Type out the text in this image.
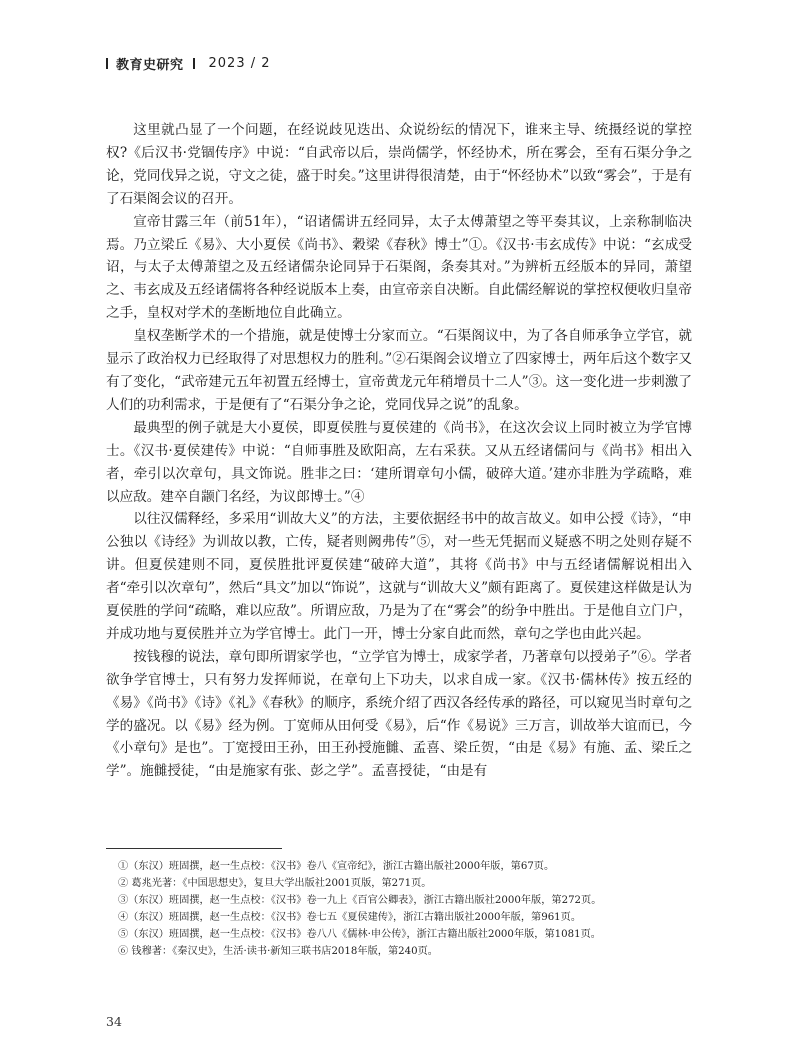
教育史研究 2023 / 2

这里就凸显了一个问题，在经说歧见迭出、众说纷纭的情况下，谁来主导、统摄经说的掌控权?《后汉书·党锢传序》中说：“自武帝以后，崇尚儒学，怀经协术，所在雾会，至有石渠分争之论，党同伐异之说，守文之徒，盛于时矣。”这里讲得很清楚，由于“怀经协术”以致“雾会”，于是有了石渠阁会议的召开。

宣帝甘露三年（前51年），“诏诸儒讲五经同异，太子太傅萧望之等平奏其议，上亲称制临决焉。乃立梁丘《易》、大小夏侯《尚书》、穀梁《春秋》博士”①。《汉书·韦玄成传》中说：“玄成受诏，与太子太傅萧望之及五经诸儒杂论同异于石渠阁，条奏其对。”为辨析五经版本的异同，萧望之、韦玄成及五经诸儒将各种经说版本上奏，由宣帝亲自决断。自此儒经解说的掌控权便收归皇帝之手，皇权对学术的垄断地位自此确立。

皇权垄断学术的一个措施，就是使博士分家而立。“石渠阁议中，为了各自师承争立学官，就显示了政治权力已经取得了对思想权力的胜利。”②石渠阁会议增立了四家博士，两年后这个数字又有了变化，“武帝建元五年初置五经博士，宣帝黄龙元年稍增员十二人”③。这一变化进一步刺激了人们的功利需求，于是便有了“石渠分争之论，党同伐异之说”的乱象。

最典型的例子就是大小夏侯，即夏侯胜与夏侯建的《尚书》，在这次会议上同时被立为学官博士。《汉书·夏侯建传》中说：“自师事胜及欧阳高，左右采获。又从五经诸儒问与《尚书》相出入者，牵引以次章句，具文饰说。胜非之曰：‘建所谓章句小儒，破碎大道。’建亦非胜为学疏略，难以应敌。建卒自颛门名经，为议郎博士。”④

以往汉儒释经，多采用“训故大义”的方法，主要依据经书中的故言故义。如申公授《诗》，“申公独以《诗经》为训故以教，亡传，疑者则阙弗传”⑤，对一些无凭据而义疑惑不明之处则存疑不讲。但夏侯建则不同，夏侯胜批评夏侯建“破碎大道”，其将《尚书》中与五经诸儒解说相出入者“牵引以次章句”，然后“具文”加以“饰说”，这就与“训故大义”颇有距离了。夏侯建这样做是认为夏侯胜的学问“疏略，难以应敌”。所谓应敌，乃是为了在“雾会”的纷争中胜出。于是他自立门户，并成功地与夏侯胜并立为学官博士。此门一开，博士分家自此而然，章句之学也由此兴起。

按钱穆的说法，章句即所谓家学也，“立学官为博士，成家学者，乃著章句以授弟子”⑥。学者欲争学官博士，只有努力发挥师说，在章句上下功夫，以求自成一家。《汉书·儒林传》按五经的《易》《尚书》《诗》《礼》《春秋》的顺序，系统介绍了西汉各经传承的路径，可以窥见当时章句之学的盛况。以《易》经为例。丁宽师从田何受《易》，后“作《易说》三万言，训故举大谊而已，今《小章句》是也”。丁宽授田王孙，田王孙授施雠、孟喜、梁丘贺，“由是《易》有施、孟、梁丘之学”。施雠授徒，“由是施家有张、彭之学”。孟喜授徒，“由是有

①（东汉）班固撰，赵一生点校：《汉书》卷八《宣帝纪》，浙江古籍出版社2000年版，第67页。
② 葛兆光著：《中国思想史》，复旦大学出版社2001页版，第271页。
③（东汉）班固撰，赵一生点校：《汉书》卷一九上《百官公卿表》，浙江古籍出版社2000年版，第272页。
④（东汉）班固撰，赵一生点校：《汉书》卷七五《夏侯建传》，浙江古籍出版社2000年版，第961页。
⑤（东汉）班固撰，赵一生点校：《汉书》卷八八《儒林·申公传》，浙江古籍出版社2000年版，第1081页。
⑥ 钱穆著：《秦汉史》，生活·读书·新知三联书店2018年版，第240页。
34
